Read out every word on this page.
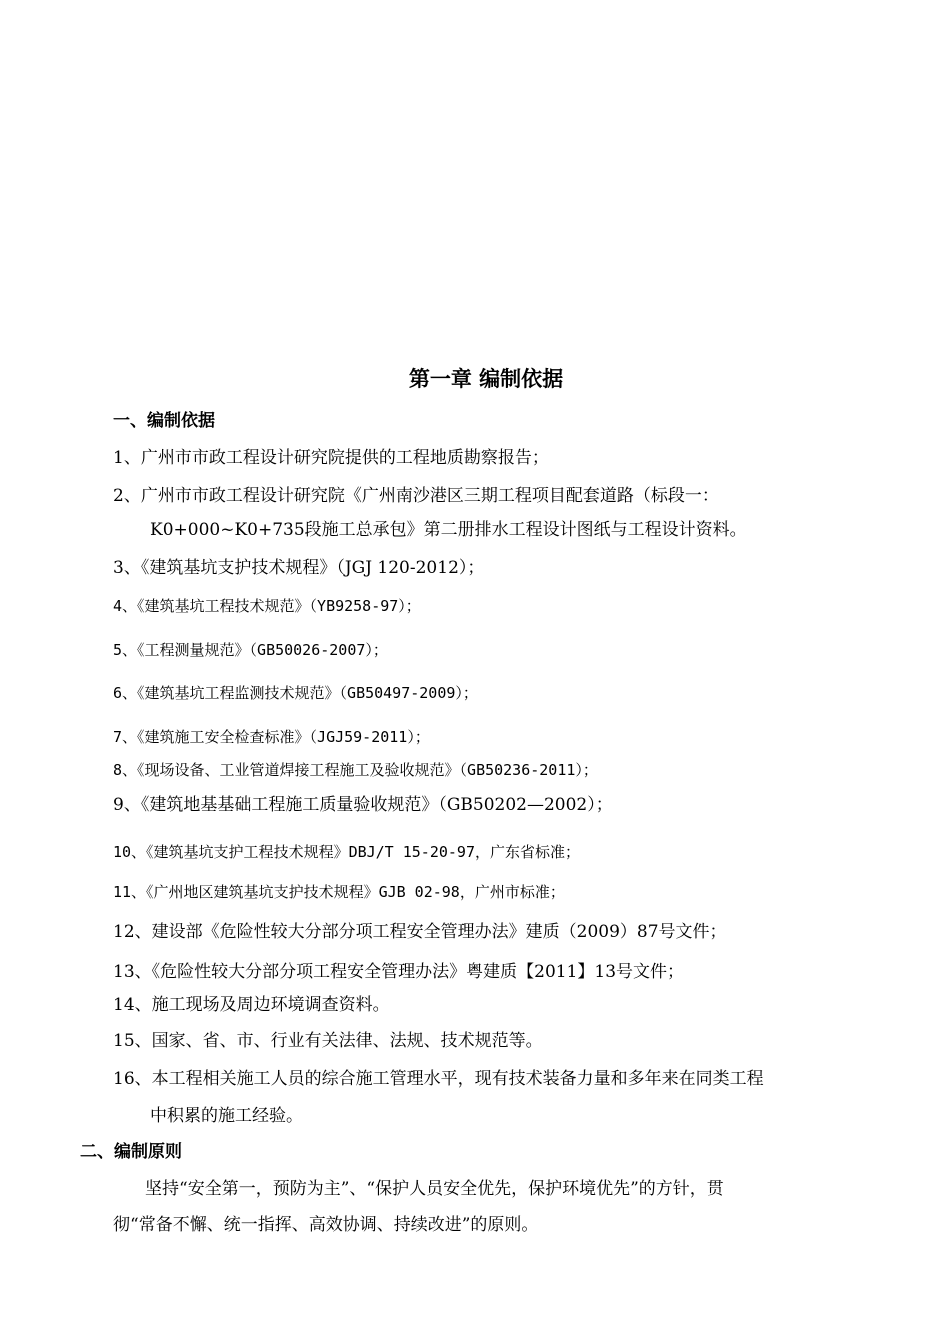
第一章 编制依据
一、编制依据
1、广州市市政工程设计研究院提供的工程地质勘察报告；
2、广州市市政工程设计研究院《广州南沙港区三期工程项目配套道路（标段一：
K0+000~K0+735段施工总承包》第二册排水工程设计图纸与工程设计资料。
3、《建筑基坑支护技术规程》（JGJ 120-2012）；
4、《建筑基坑工程技术规范》（YB9258-97）；
5、《工程测量规范》（GB50026-2007）；
6、《建筑基坑工程监测技术规范》（GB50497-2009）；
7、《建筑施工安全检查标准》（JGJ59-2011）；
8、《现场设备、工业管道焊接工程施工及验收规范》（GB50236-2011）；
9、《建筑地基基础工程施工质量验收规范》（GB50202—2002）；
10、《建筑基坑支护工程技术规程》DBJ/T 15-20-97，广东省标准；
11、《广州地区建筑基坑支护技术规程》GJB 02-98，广州市标准；
12、建设部《危险性较大分部分项工程安全管理办法》建质（2009）87号文件；
13、《危险性较大分部分项工程安全管理办法》粤建质【2011】13号文件；
14、施工现场及周边环境调查资料。
15、国家、省、市、行业有关法律、法规、技术规范等。
16、本工程相关施工人员的综合施工管理水平，现有技术装备力量和多年来在同类工程
中积累的施工经验。
二、编制原则
坚持“安全第一，预防为主”、“保护人员安全优先，保护环境优先”的方针，贯
彻“常备不懈、统一指挥、高效协调、持续改进”的原则。
